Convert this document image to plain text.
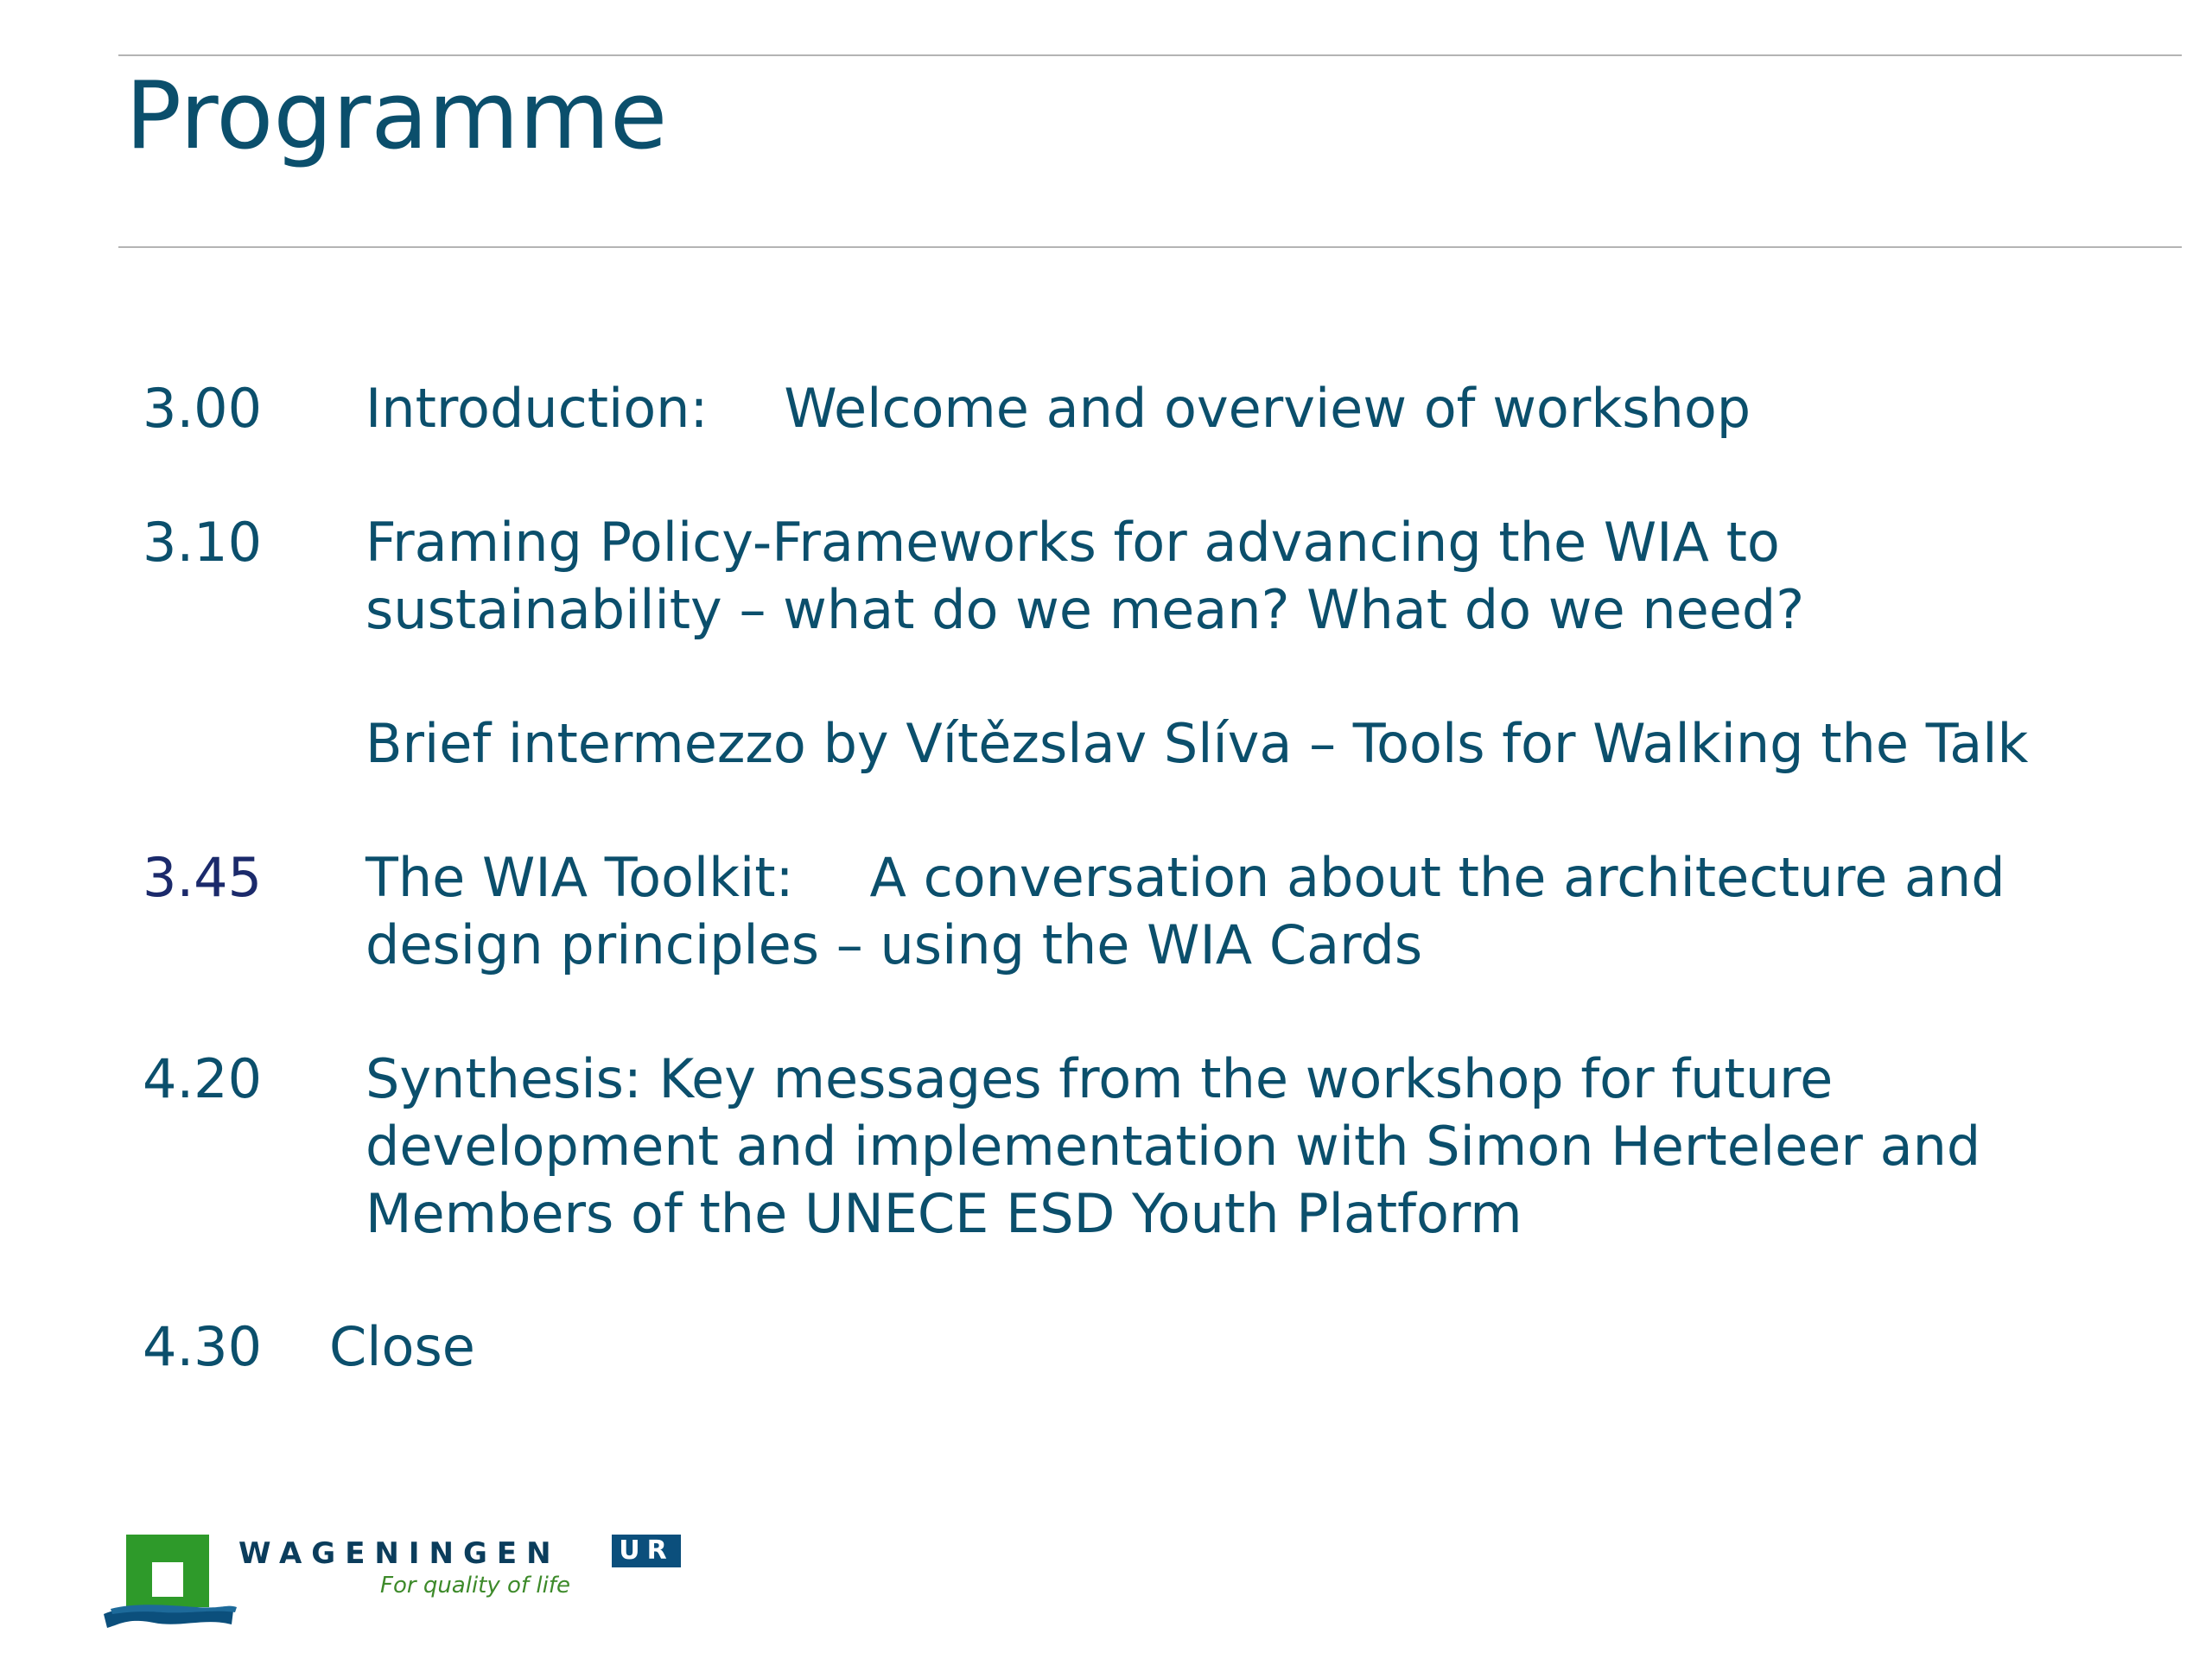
Programme
3.00 Introduction: Welcome and overview of workshop
3.10 Framing Policy-Frameworks for advancing the WIA to
sustainability – what do we mean? What do we need?
Brief intermezzo by Vítězslav Slíva – Tools for Walking the Talk
3.45 The WIA Toolkit: A conversation about the architecture and
design principles – using the WIA Cards
4.20 Synthesis: Key messages from the workshop for future
development and implementation with Simon Herteleer and
Members of the UNECE ESD Youth Platform
4.30 Close
WAGENINGEN UR
For quality of life
